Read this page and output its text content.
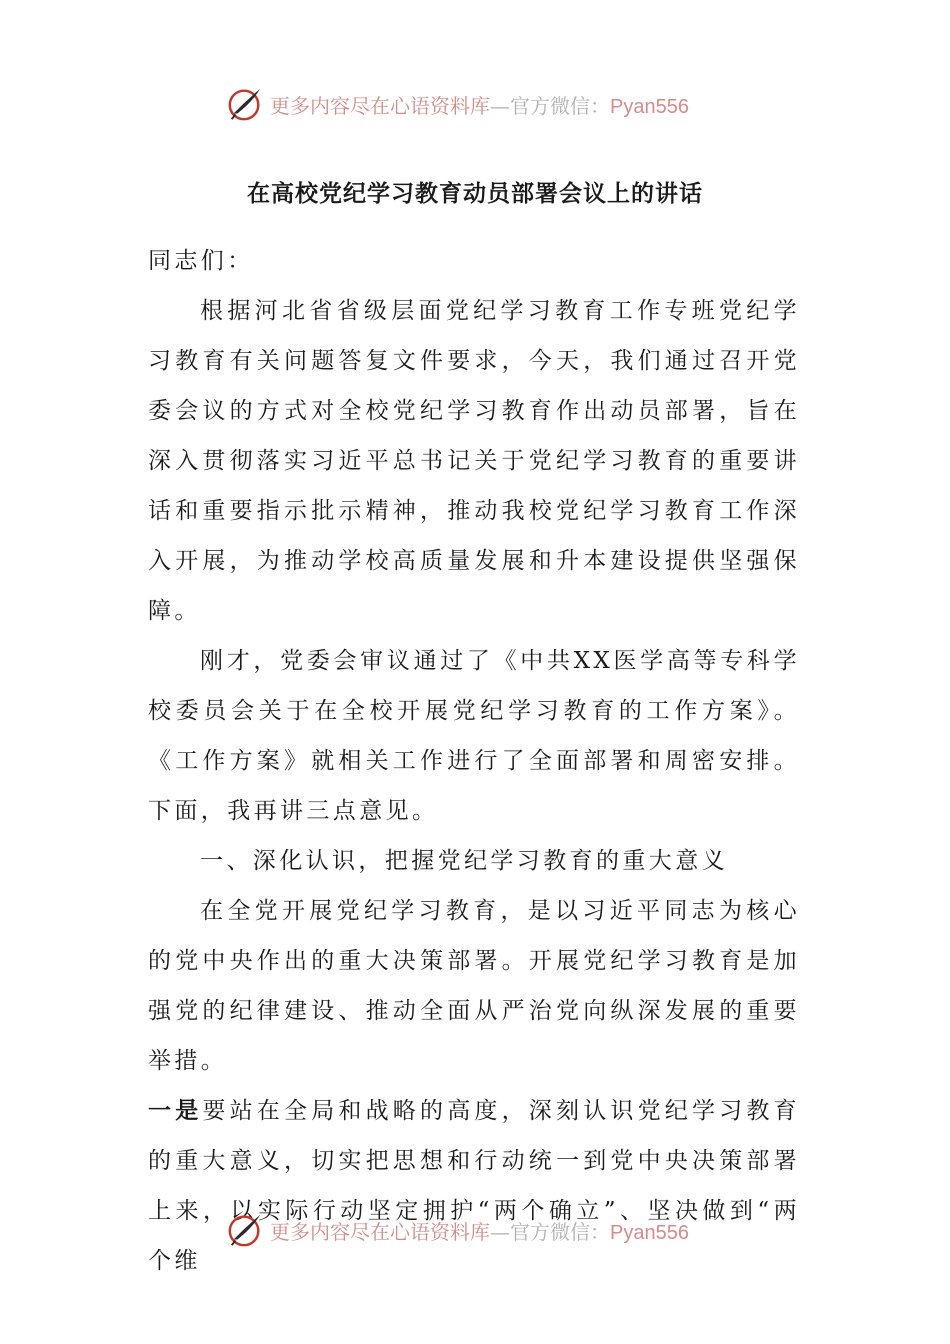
更多内容尽在心语资料库—官方微信：Pyan556
在高校党纪学习教育动员部署会议上的讲话

同志们：

根据河北省省级层面党纪学习教育工作专班党纪学习教育有关问题答复文件要求，今天，我们通过召开党委会议的方式对全校党纪学习教育作出动员部署，旨在深入贯彻落实习近平总书记关于党纪学习教育的重要讲话和重要指示批示精神，推动我校党纪学习教育工作深入开展，为推动学校高质量发展和升本建设提供坚强保障。

刚才，党委会审议通过了《中共XX医学高等专科学校委员会关于在全校开展党纪学习教育的工作方案》。《工作方案》就相关工作进行了全面部署和周密安排。下面，我再讲三点意见。

一、深化认识，把握党纪学习教育的重大意义

在全党开展党纪学习教育，是以习近平同志为核心的党中央作出的重大决策部署。开展党纪学习教育是加强党的纪律建设、推动全面从严治党向纵深发展的重要举措。

一是要站在全局和战略的高度，深刻认识党纪学习教育的重大意义，切实把思想和行动统一到党中央决策部署上来，以实际行动坚定拥护“两个确立”、坚决做到“两个维

更多内容尽在心语资料库—官方微信：Pyan556
